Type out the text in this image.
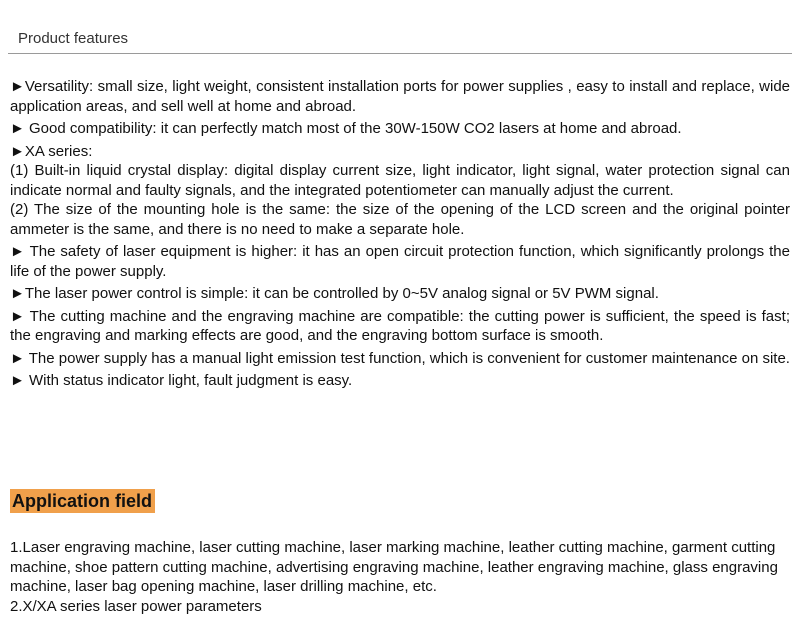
Product features

►Versatility: small size, light weight, consistent installation ports for power supplies , easy to install and replace, wide application areas, and sell well at home and abroad.

► Good compatibility: it can perfectly match most of the 30W-150W CO2 lasers at home and abroad.

►XA series:

(1) Built-in liquid crystal display: digital display current size, light indicator, light signal, water protection signal can indicate normal and faulty signals, and the integrated potentiometer can manually adjust the current.

(2) The size of the mounting hole is the same: the size of the opening of the LCD screen and the original pointer ammeter is the same, and there is no need to make a separate hole.

► The safety of laser equipment is higher: it has an open circuit protection function, which significantly prolongs the life of the power supply.

►The laser power control is simple: it can be controlled by 0~5V analog signal or 5V PWM signal.

► The cutting machine and the engraving machine are compatible: the cutting power is sufficient, the speed is fast; the engraving and marking effects are good, and the engraving bottom surface is smooth.

► The power supply has a manual light emission test function, which is convenient for customer maintenance on site.

► With status indicator light, fault judgment is easy.

Application field

1.Laser engraving machine, laser cutting machine, laser marking machine, leather cutting machine, garment cutting machine, shoe pattern cutting machine, advertising engraving machine, leather engraving machine, glass engraving machine, laser bag opening machine, laser drilling machine, etc.

2.X/XA series laser power parameters
